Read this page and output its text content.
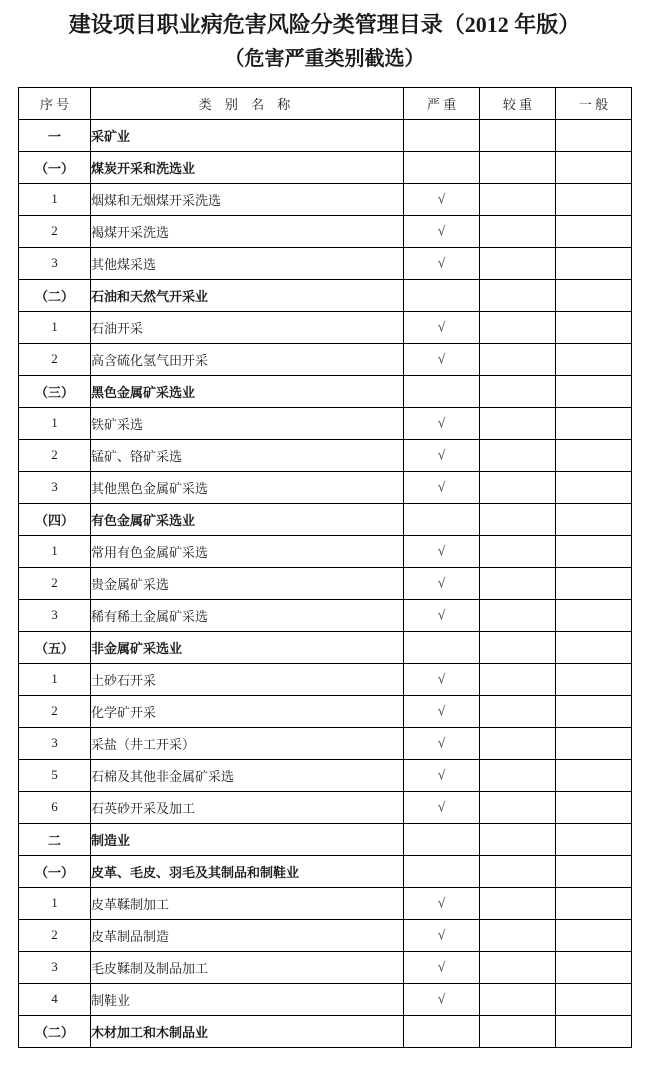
建设项目职业病危害风险分类管理目录（2012 年版）
（危害严重类别截选）
序 号	类 别 名 称	严 重	较 重	一 般
一	采矿业			
（一）	煤炭开采和洗选业			
1	烟煤和无烟煤开采洗选	√		
2	褐煤开采洗选	√		
3	其他煤采选	√		
（二）	石油和天然气开采业			
1	石油开采	√		
2	高含硫化氢气田开采	√		
（三）	黑色金属矿采选业			
1	铁矿采选	√		
2	锰矿、铬矿采选	√		
3	其他黑色金属矿采选	√		
（四）	有色金属矿采选业			
1	常用有色金属矿采选	√		
2	贵金属矿采选	√		
3	稀有稀土金属矿采选	√		
（五）	非金属矿采选业			
1	土砂石开采	√		
2	化学矿开采	√		
3	采盐（井工开采）	√		
5	石棉及其他非金属矿采选	√		
6	石英砂开采及加工	√		
二	制造业			
（一）	皮革、毛皮、羽毛及其制品和制鞋业			
1	皮革鞣制加工	√		
2	皮革制品制造	√		
3	毛皮鞣制及制品加工	√		
4	制鞋业	√		
（二）	木材加工和木制品业			
